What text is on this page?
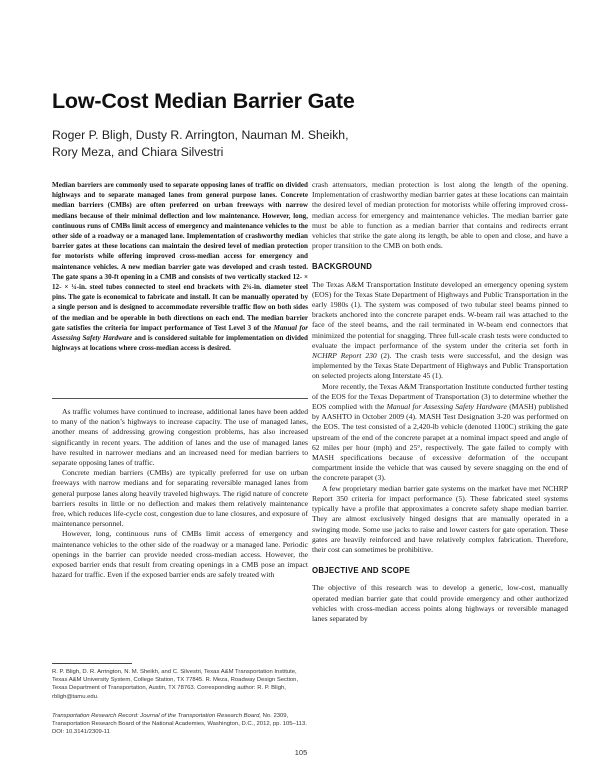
Low-Cost Median Barrier Gate
Roger P. Bligh, Dusty R. Arrington, Nauman M. Sheikh,
Rory Meza, and Chiara Silvestri
Median barriers are commonly used to separate opposing lanes of traffic on divided highways and to separate managed lanes from general purpose lanes. Concrete median barriers (CMBs) are often preferred on urban freeways with narrow medians because of their minimal deflection and low maintenance. However, long, continuous runs of CMBs limit access of emergency and maintenance vehicles to the other side of a roadway or a managed lane. Implementation of crashworthy median barrier gates at these locations can maintain the desired level of median protection for motorists while offering improved cross-median access for emergency and maintenance vehicles. A new median barrier gate was developed and crash tested. The gate spans a 30-ft opening in a CMB and consists of two vertically stacked 12- × 12- × ¼-in. steel tubes connected to steel end brackets with 2¾-in. diameter steel pins. The gate is economical to fabricate and install. It can be manually operated by a single person and is designed to accommodate reversible traffic flow on both sides of the median and be operable in both directions on each end. The median barrier gate satisfies the criteria for impact performance of Test Level 3 of the Manual for Assessing Safety Hardware and is considered suitable for implementation on divided highways at locations where cross-median access is desired.

As traffic volumes have continued to increase, additional lanes have been added to many of the nation’s highways to increase capacity. The use of managed lanes, another means of addressing growing congestion problems, has also increased significantly in recent years. The addition of lanes and the use of managed lanes have resulted in narrower medians and an increased need for median barriers to separate opposing lanes of traffic.

Concrete median barriers (CMBs) are typically preferred for use on urban freeways with narrow medians and for separating reversible managed lanes from general purpose lanes along heavily traveled highways. The rigid nature of concrete barriers results in little or no deflection and makes them relatively maintenance free, which reduces life-cycle cost, congestion due to lane closures, and exposure of maintenance personnel.

However, long, continuous runs of CMBs limit access of emergency and maintenance vehicles to the other side of the roadway or a managed lane. Periodic openings in the barrier can provide needed cross-median access. However, the exposed barrier ends that result from creating openings in a CMB pose an impact hazard for traffic. Even if the exposed barrier ends are safely treated with

R. P. Bligh, D. R. Arrington, N. M. Sheikh, and C. Silvestri, Texas A&M Transportation Institute, Texas A&M University System, College Station, TX 77845. R. Meza, Roadway Design Section, Texas Department of Transportation, Austin, TX 78763. Corresponding author: R. P. Bligh, rbligh@tamu.edu.
Transportation Research Record: Journal of the Transportation Research Board, No. 2309, Transportation Research Board of the National Academies, Washington, D.C., 2012, pp. 105–113.
DOI: 10.3141/2309-11

crash attenuators, median protection is lost along the length of the opening. Implementation of crashworthy median barrier gates at these locations can maintain the desired level of median protection for motorists while offering improved cross-median access for emergency and maintenance vehicles. The median barrier gate must be able to function as a median barrier that contains and redirects errant vehicles that strike the gate along its length, be able to open and close, and have a proper transition to the CMB on both ends.

BACKGROUND

The Texas A&M Transportation Institute developed an emergency opening system (EOS) for the Texas State Department of Highways and Public Transportation in the early 1980s (1). The system was composed of two tubular steel beams pinned to brackets anchored into the concrete parapet ends. W-beam rail was attached to the face of the steel beams, and the rail terminated in W-beam end connectors that minimized the potential for snagging. Three full-scale crash tests were conducted to evaluate the impact performance of the system under the criteria set forth in NCHRP Report 230 (2). The crash tests were successful, and the design was implemented by the Texas State Department of Highways and Public Transportation on selected projects along Interstate 45 (1).

More recently, the Texas A&M Transportation Institute conducted further testing of the EOS for the Texas Department of Transportation (3) to determine whether the EOS complied with the Manual for Assessing Safety Hardware (MASH) published by AASHTO in October 2009 (4). MASH Test Designation 3-20 was performed on the EOS. The test consisted of a 2,420-lb vehicle (denoted 1100C) striking the gate upstream of the end of the concrete parapet at a nominal impact speed and angle of 62 miles per hour (mph) and 25°, respectively. The gate failed to comply with MASH specifications because of excessive deformation of the occupant compartment inside the vehicle that was caused by severe snagging on the end of the concrete parapet (3).

A few proprietary median barrier gate systems on the market have met NCHRP Report 350 criteria for impact performance (5). These fabricated steel systems typically have a profile that approximates a concrete safety shape median barrier. They are almost exclusively hinged designs that are manually operated in a swinging mode. Some use jacks to raise and lower casters for gate operation. These gates are heavily reinforced and have relatively complex fabrication. Therefore, their cost can sometimes be prohibitive.

OBJECTIVE AND SCOPE

The objective of this research was to develop a generic, low-cost, manually operated median barrier gate that could provide emergency and other authorized vehicles with cross-median access points along highways or reversible managed lanes separated by

105
